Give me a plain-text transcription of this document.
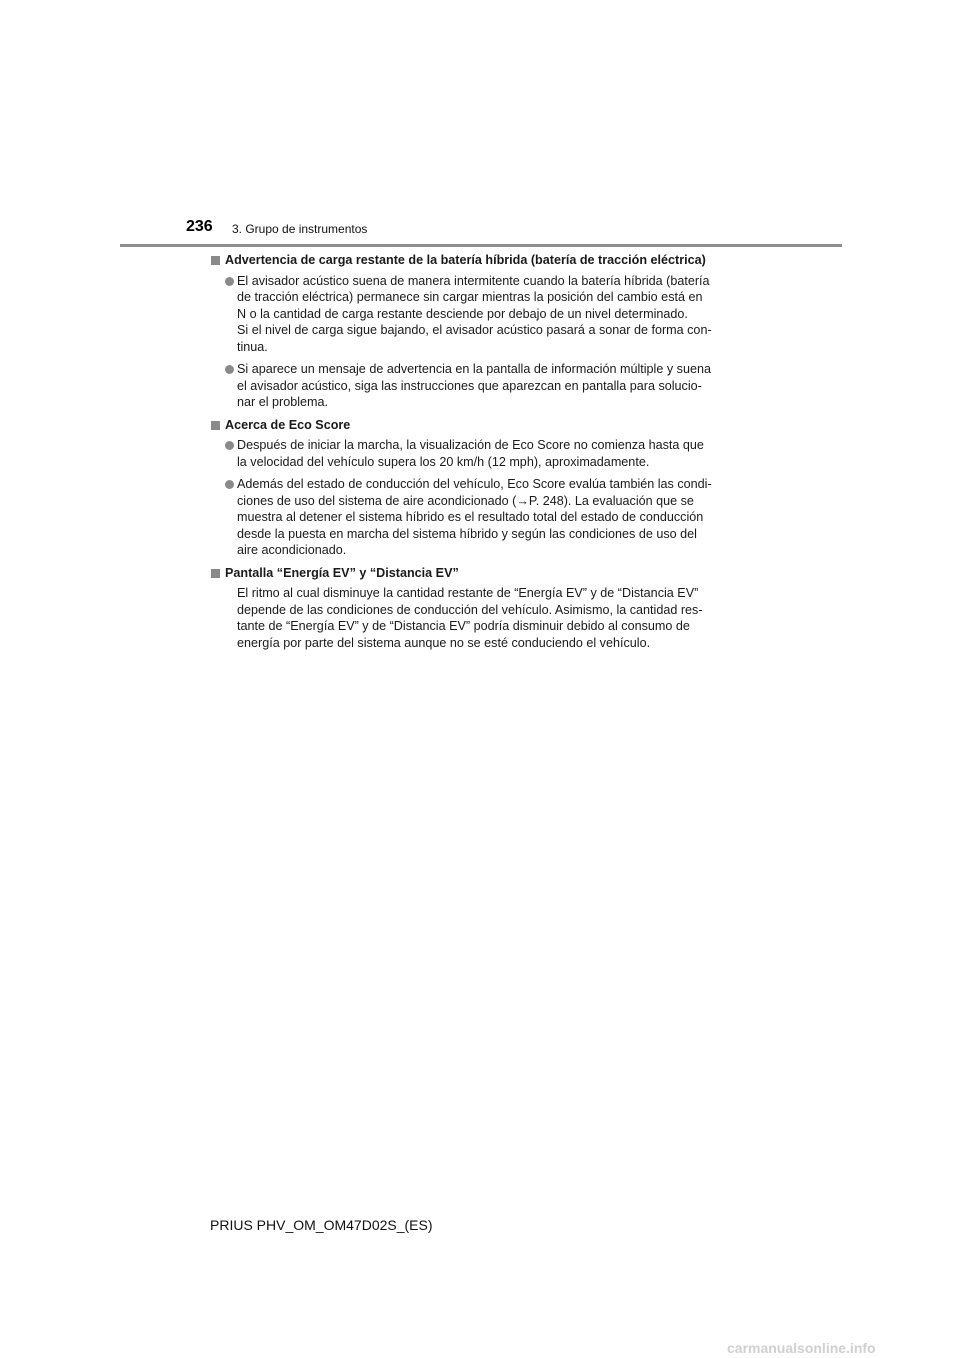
236 3. Grupo de instrumentos
Advertencia de carga restante de la batería híbrida (batería de tracción eléctrica)
El avisador acústico suena de manera intermitente cuando la batería híbrida (batería
de tracción eléctrica) permanece sin cargar mientras la posición del cambio está en
N o la cantidad de carga restante desciende por debajo de un nivel determinado.
Si el nivel de carga sigue bajando, el avisador acústico pasará a sonar de forma con-
tinua.
Si aparece un mensaje de advertencia en la pantalla de información múltiple y suena
el avisador acústico, siga las instrucciones que aparezcan en pantalla para solucio-
nar el problema.
Acerca de Eco Score
Después de iniciar la marcha, la visualización de Eco Score no comienza hasta que
la velocidad del vehículo supera los 20 km/h (12 mph), aproximadamente.
Además del estado de conducción del vehículo, Eco Score evalúa también las condi-
ciones de uso del sistema de aire acondicionado (→P. 248). La evaluación que se
muestra al detener el sistema híbrido es el resultado total del estado de conducción
desde la puesta en marcha del sistema híbrido y según las condiciones de uso del
aire acondicionado.
Pantalla “Energía EV” y “Distancia EV”
El ritmo al cual disminuye la cantidad restante de “Energía EV” y de “Distancia EV”
depende de las condiciones de conducción del vehículo. Asimismo, la cantidad res-
tante de “Energía EV” y de “Distancia EV” podría disminuir debido al consumo de
energía por parte del sistema aunque no se esté conduciendo el vehículo.
PRIUS PHV_OM_OM47D02S_(ES)
carmanualsonline.info
